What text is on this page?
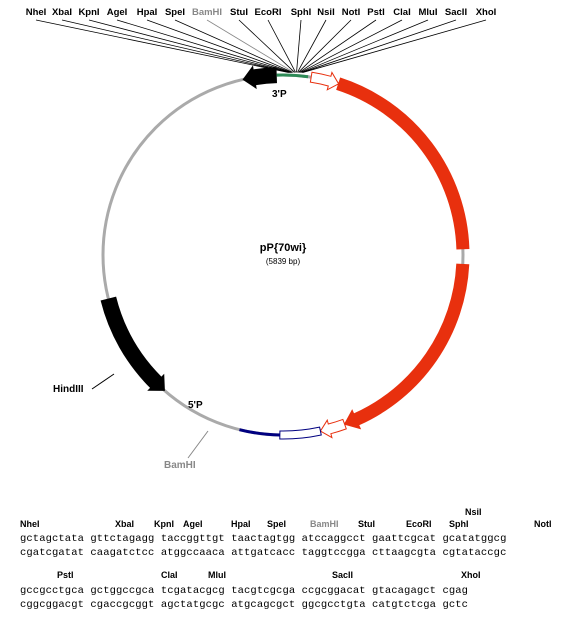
NheI XbaI KpnI AgeI HpaI SpeI BamHI StuI EcoRI SphI NsiI NotI PstI ClaI MluI SacII XhoI
pP{70wi}
(5839 bp)
3'P
5'P
HindIII
BamHI
NsiI
NheI	XbaI KpnI AgeI	HpaI SpeI	BamHI StuI	EcoRI SphI	NotI
gctagctata gttctagagg taccggttgt taactagtgg atccaggcct gaattcgcat gcatatggcg
cgatcgatat caagatctcc atggccaaca attgatcacc taggtccgga cttaagcgta cgtataccgc
PstI	ClaI	MluI	SacII	XhoI
gccgcctgca gctggccgca tcgatacgcg tacgtcgcga ccgcggacat gtacagagct cgag
cggcggacgt cgaccgcggt agctatgcgc atgcagcgct ggcgcctgta catgtctcga gctc
